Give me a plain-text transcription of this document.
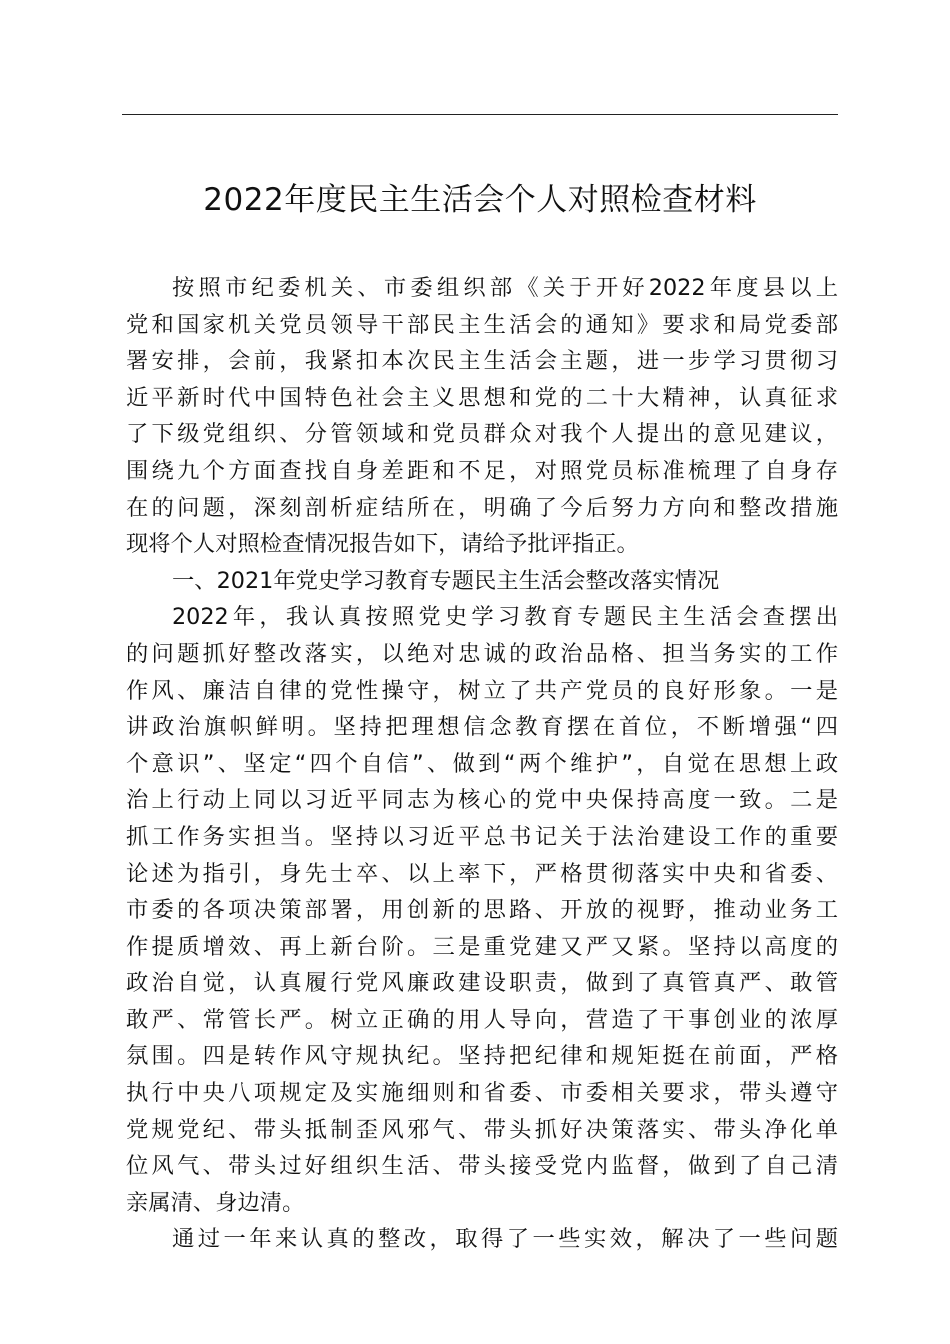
2022年度民主生活会个人对照检查材料
按照市纪委机关、市委组织部《关于开好2022年度县以上
党和国家机关党员领导干部民主生活会的通知》要求和局党委部
署安排，会前，我紧扣本次民主生活会主题，进一步学习贯彻习
近平新时代中国特色社会主义思想和党的二十大精神，认真征求
了下级党组织、分管领域和党员群众对我个人提出的意见建议，
围绕九个方面查找自身差距和不足，对照党员标准梳理了自身存
在的问题，深刻剖析症结所在，明确了今后努力方向和整改措施
现将个人对照检查情况报告如下，请给予批评指正。
一、2021年党史学习教育专题民主生活会整改落实情况
2022年，我认真按照党史学习教育专题民主生活会查摆出
的问题抓好整改落实，以绝对忠诚的政治品格、担当务实的工作
作风、廉洁自律的党性操守，树立了共产党员的良好形象。一是
讲政治旗帜鲜明。坚持把理想信念教育摆在首位，不断增强“四
个意识”、坚定“四个自信”、做到“两个维护”，自觉在思想上政
治上行动上同以习近平同志为核心的党中央保持高度一致。二是
抓工作务实担当。坚持以习近平总书记关于法治建设工作的重要
论述为指引，身先士卒、以上率下，严格贯彻落实中央和省委、
市委的各项决策部署，用创新的思路、开放的视野，推动业务工
作提质增效、再上新台阶。三是重党建又严又紧。坚持以高度的
政治自觉，认真履行党风廉政建设职责，做到了真管真严、敢管
敢严、常管长严。树立正确的用人导向，营造了干事创业的浓厚
氛围。四是转作风守规执纪。坚持把纪律和规矩挺在前面，严格
执行中央八项规定及实施细则和省委、市委相关要求，带头遵守
党规党纪、带头抵制歪风邪气、带头抓好决策落实、带头净化单
位风气、带头过好组织生活、带头接受党内监督，做到了自己清
亲属清、身边清。
通过一年来认真的整改，取得了一些实效，解决了一些问题
